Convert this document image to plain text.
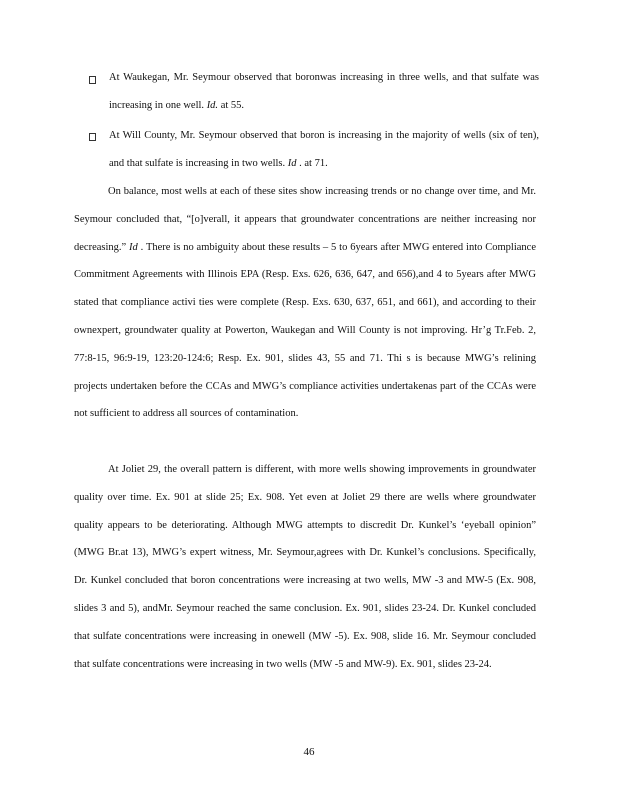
At Waukegan, Mr. Seymour observed that boronwas increasing in three wells, and that sulfate was increasing in one well. Id. at 55.
At Will County, Mr. Seymour observed that boron is increasing in the majority of wells (six of ten), and that sulfate is increasing in two wells. Id . at 71.

On balance, most wells at each of these sites show increasing trends or no change over time, and Mr. Seymour concluded that, “[o]verall, it appears that groundwater concentrations are neither increasing nor decreasing.” Id . There is no ambiguity about these results – 5 to 6years after MWG entered into Compliance Commitment Agreements with Illinois EPA (Resp. Exs. 626, 636, 647, and 656),and 4 to 5years after MWG stated that compliance activi ties were complete (Resp. Exs. 630, 637, 651, and 661), and according to their ownexpert, groundwater quality at Powerton, Waukegan and Will County is not improving. Hr’g Tr.Feb. 2, 77:8-15, 96:9-19, 123:20-124:6; Resp. Ex. 901, slides 43, 55 and 71. Thi s is because MWG’s relining projects undertaken before the CCAs and MWG’s compliance activities undertakenas part of the CCAs were not sufficient to address all sources of contamination.

At Joliet 29, the overall pattern is different, with more wells showing improvements in groundwater quality over time. Ex. 901 at slide 25; Ex. 908. Yet even at Joliet 29 there are wells where groundwater quality appears to be deteriorating. Although MWG attempts to discredit Dr. Kunkel’s ‘eyeball opinion” (MWG Br.at 13), MWG’s expert witness, Mr. Seymour,agrees with Dr. Kunkel’s conclusions. Specifically, Dr. Kunkel concluded that boron concentrations were increasing at two wells, MW -3 and MW-5 (Ex. 908, slides 3 and 5), andMr. Seymour reached the same conclusion. Ex. 901, slides 23-24. Dr. Kunkel concluded that sulfate concentrations were increasing in onewell (MW -5). Ex. 908, slide 16. Mr. Seymour concluded that sulfate concentrations were increasing in two wells (MW -5 and MW-9). Ex. 901, slides 23-24.

46
